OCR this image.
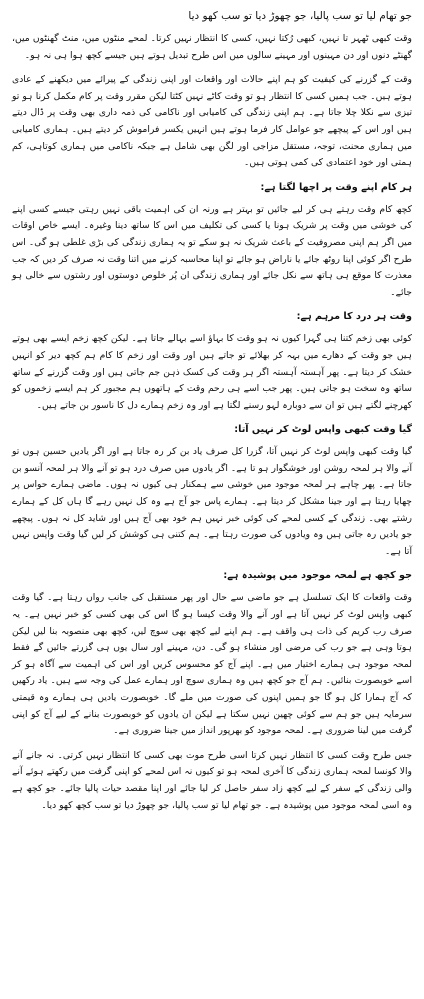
جو تھام لیا تو سب پالیا، جو چھوڑ دیا تو سب کھو دیا

وقت کبھی ٹھہر تا نہیں، کبھی رُکتا نہیں، کسی کا انتظار نہیں کرتا۔ لمحے منٹوں میں، منٹ گھنٹوں میں، گھنٹے دنوں اور دن مہینوں اور مہینے سالوں میں اس طرح تبدیل ہوتے ہیں جیسے کچھ ہوا ہی نہ ہو۔

وقت کے گزرنے کی کیفیت کو ہم اپنے حالات اور واقعات اور اپنی زندگی کے پیرائے میں دیکھنے کے عادی ہوتے ہیں۔ جب ہمیں کسی کا انتظار ہو تو وقت کاٹے نہیں کٹتا لیکن مقرر وقت پر کام مکمل کرنا ہو تو تیزی سے نکلا چلا جاتا ہے۔ ہم اپنی زندگی کی کامیابی اور ناکامی کی ذمہ داری بھی وقت پر ڈال دیتے ہیں اور اس کے پیچھے جو عوامل کار فرما ہوتے ہیں انہیں یکسر فراموش کر دیتے ہیں۔ ہماری کامیابی میں ہماری محنت، توجہ، مستقل مزاجی اور لگن بھی شامل ہے جبکہ ناکامی میں ہماری کوتاہی، کم ہمتی اور خود اعتمادی کی کمی ہوتی ہیں۔

ہر کام اپنے وقت پر اچھا لگتا ہے:

کچھ کام وقت رہتے ہی کر لیے جائیں تو بہتر ہے ورنہ ان کی اہمیت باقی نہیں رہتی جیسے کسی اپنے کی خوشی میں وقت پر شریک ہونا یا کسی کی تکلیف میں اس کا ساتھ دینا وغیرہ۔ ایسے خاص اوقات میں اگر ہم اپنی مصروفیت کے باعث شریک نہ ہو سکے تو یہ ہماری زندگی کی بڑی غلطی ہو گی۔ اس طرح اگر کوئی اپنا روٹھ جائے یا ناراض ہو جائے تو اپنا محاسبہ کرنے میں اتنا وقت نہ صرف کر دیں کہ جب معذرت کا موقع ہی ہاتھ سے نکل جائے اور ہماری زندگی ان پُر خلوص دوستوں اور رشتوں سے خالی ہو جائے۔

وقت ہر درد کا مرہم ہے:

کوئی بھی زخم کتنا ہی گہرا کیوں نہ ہو وقت کا بہاؤ اسے بہالے جاتا ہے۔ لیکن کچھ زخم ایسے بھی ہوتے ہیں جو وقت کے دھارے میں بہہ کر بھلائے تو جاتے ہیں اور وقت اور زخم کا کام ہم کچھ دیر کو انہیں خشک کر دیتا ہے۔ پھر آہستہ آہستہ اگر ہر وقت کی کسک ذہن جم جاتی ہیں اور وقت گزرنے کے ساتھ ساتھ وہ سخت ہو جاتی ہیں۔ پھر جب اسے ہی رحم وقت کے ہاتھوں ہم مجبور کر ہم ایسے زخموں کو کھرچنے لگتے ہیں تو ان سے دوبارہ لہو رسنے لگتا ہے اور وہ زخم ہمارے دل کا ناسور بن جاتے ہیں۔

گیا وقت کبھی واپس لوٹ کر نہیں آتا:

گیا وقت کبھی واپس لوٹ کر نہیں آتا، گزرا کل صرف یاد بن کر رہ جاتا ہے اور اگر یادیں حسین ہوں تو آنے والا ہر لمحہ روشن اور خوشگوار ہو تا ہے۔ اگر یادوں میں صرف درد ہو تو آنے والا ہر لمحہ آنسو بن جاتا ہے۔ پھر چاہے ہر لمحہ موجود میں خوشی سے ہمکنار ہی کیوں نہ ہوں۔ ماضی ہمارے حواس پر چھایا رہتا ہے اور جینا مشکل کر دیتا ہے۔ ہمارے پاس جو آج ہے وہ کل نہیں رہے گا ہاں کل کے ہمارے رشتے بھی۔ زندگی کے کسی لمحے کی کوئی خبر نہیں ہم خود بھی آج ہیں اور شاید کل نہ ہوں۔ پیچھے جو یادیں رہ جاتی ہیں وہ ویادوں کی صورت رہتا ہے۔ ہم کتنی ہی کوشش کر لیں گیا وقت واپس نہیں آتا ہے۔

جو کچھ ہے لمحہ موجود میں پوشیدہ ہے:

وقت واقعات کا ایک تسلسل ہے جو ماضی سے حال اور پھر مستقبل کی جانب رواں رہتا ہے۔ گیا وقت کبھی واپس لوٹ کر نہیں آتا ہے اور آنے والا وقت کیسا ہو گا اس کی بھی کسی کو خبر نہیں ہے۔ یہ صرف رب کریم کی ذات ہی واقف ہے۔ ہم اپنے لیے کچھ بھی سوچ لیں، کچھ بھی منصوبہ بنا لیں لیکن ہوتا وہی ہے جو رب کی مرضی اور منشاء ہو گی۔ دن، مہینے اور سال یوں ہی گزرتے جائیں گے فقط لمحہ موجود ہی ہمارے اختیار میں ہے۔ اپنے آج کو محسوس کریں اور اس کی اہمیت سے آگاہ ہو کر اسے خوبصورت بنائیں۔ ہم آج جو کچھ ہیں وہ ہماری سوچ اور ہمارے عمل کی وجہ سے ہیں۔ یاد رکھیں کہ آج ہمارا کل ہو گا جو ہمیں اپنوں کی صورت میں ملے گا۔ خوبصورت یادیں ہی ہمارے وہ قیمتی سرمایہ ہیں جو ہم سے کوئی چھین نہیں سکتا ہے لیکن ان یادوں کو خوبصورت بنانے کے لیے آج کو اپنی گرفت میں لینا ضروری ہے۔ لمحہ موجود کو بھرپور انداز میں جینا ضروری ہے۔

جس طرح وقت کسی کا انتظار نہیں کرتا اسی طرح موت بھی کسی کا انتظار نہیں کرتی۔ نہ جانے آنے والا کونسا لمحہ ہماری زندگی کا آخری لمحہ ہو تو کیوں نہ اس لمحے کو اپنی گرفت میں رکھتے ہوئے آنے والی زندگی کے سفر کے لیے کچھ زاد سفر حاصل کر لیا جائے اور اپنا مقصد حیات پالیا جائے۔ جو کچھ ہے وہ اسی لمحہ موجود میں پوشیدہ ہے۔ جو تھام لیا تو سب پالیا، جو چھوڑ دیا تو سب کچھ کھو دیا۔
